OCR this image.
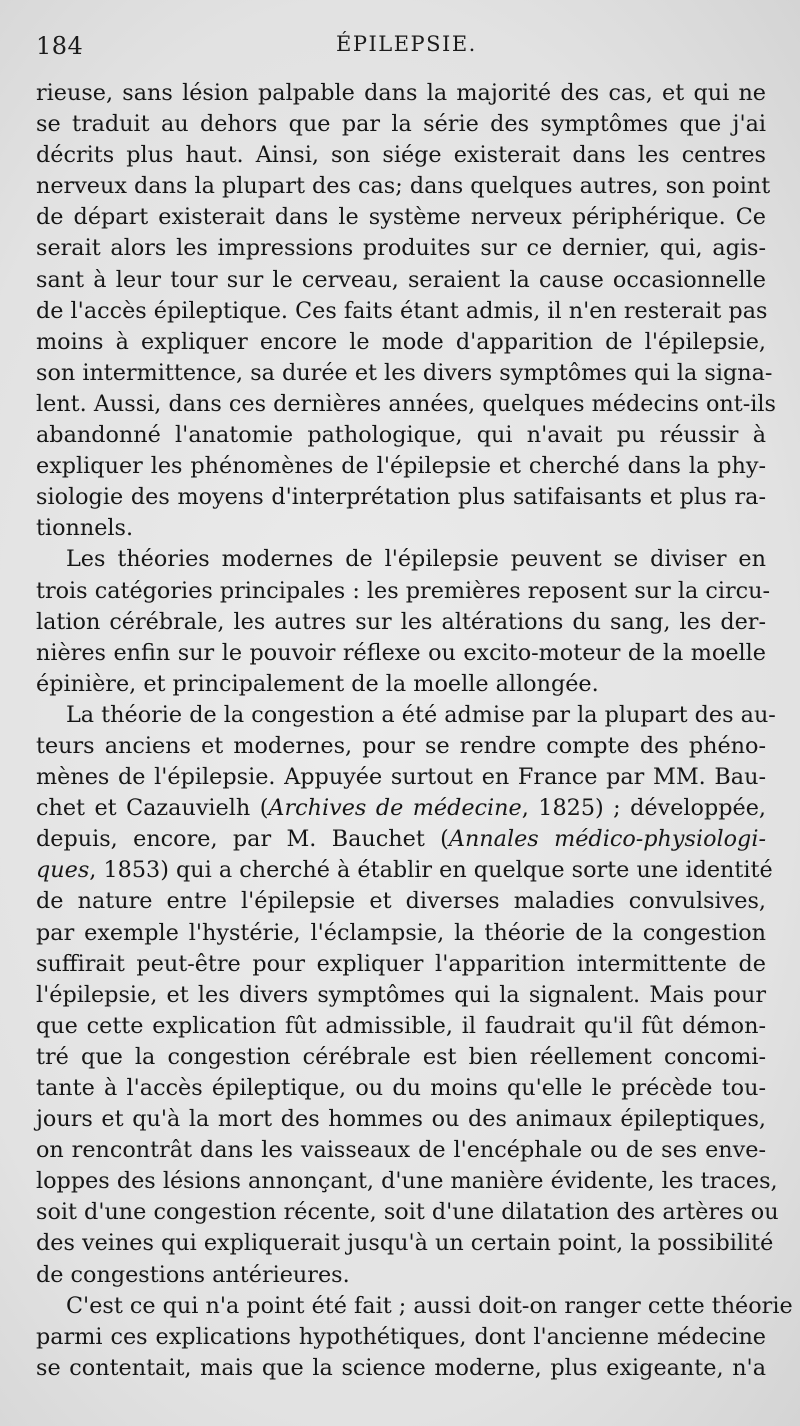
184	ÉPILEPSIE.

rieuse, sans lésion palpable dans la majorité des cas, et qui ne
se traduit au dehors que par la série des symptômes que j'ai
décrits plus haut. Ainsi, son siége existerait dans les centres
nerveux dans la plupart des cas; dans quelques autres, son point
de départ existerait dans le système nerveux périphérique. Ce
serait alors les impressions produites sur ce dernier, qui, agis-
sant à leur tour sur le cerveau, seraient la cause occasionnelle
de l'accès épileptique. Ces faits étant admis, il n'en resterait pas
moins à expliquer encore le mode d'apparition de l'épilepsie,
son intermittence, sa durée et les divers symptômes qui la signa-
lent. Aussi, dans ces dernières années, quelques médecins ont-ils
abandonné l'anatomie pathologique, qui n'avait pu réussir à
expliquer les phénomènes de l'épilepsie et cherché dans la phy-
siologie des moyens d'interprétation plus satifaisants et plus ra-
tionnels.

Les théories modernes de l'épilepsie peuvent se diviser en
trois catégories principales : les premières reposent sur la circu-
lation cérébrale, les autres sur les altérations du sang, les der-
nières enfin sur le pouvoir réflexe ou excito-moteur de la moelle
épinière, et principalement de la moelle allongée.

La théorie de la congestion a été admise par la plupart des au-
teurs anciens et modernes, pour se rendre compte des phéno-
mènes de l'épilepsie. Appuyée surtout en France par MM. Bau-
chet et Cazauvielh (Archives de médecine, 1825) ; développée,
depuis, encore, par M. Bauchet (Annales médico-physiologi-
ques, 1853) qui a cherché à établir en quelque sorte une identité
de nature entre l'épilepsie et diverses maladies convulsives,
par exemple l'hystérie, l'éclampsie, la théorie de la congestion
suffirait peut-être pour expliquer l'apparition intermittente de
l'épilepsie, et les divers symptômes qui la signalent. Mais pour
que cette explication fût admissible, il faudrait qu'il fût démon-
tré que la congestion cérébrale est bien réellement concomi-
tante à l'accès épileptique, ou du moins qu'elle le précède tou-
jours et qu'à la mort des hommes ou des animaux épileptiques,
on rencontrât dans les vaisseaux de l'encéphale ou de ses enve-
loppes des lésions annonçant, d'une manière évidente, les traces,
soit d'une congestion récente, soit d'une dilatation des artères ou
des veines qui expliquerait jusqu'à un certain point, la possibilité
de congestions antérieures.

C'est ce qui n'a point été fait ; aussi doit-on ranger cette théorie
parmi ces explications hypothétiques, dont l'ancienne médecine
se contentait, mais que la science moderne, plus exigeante, n'a
